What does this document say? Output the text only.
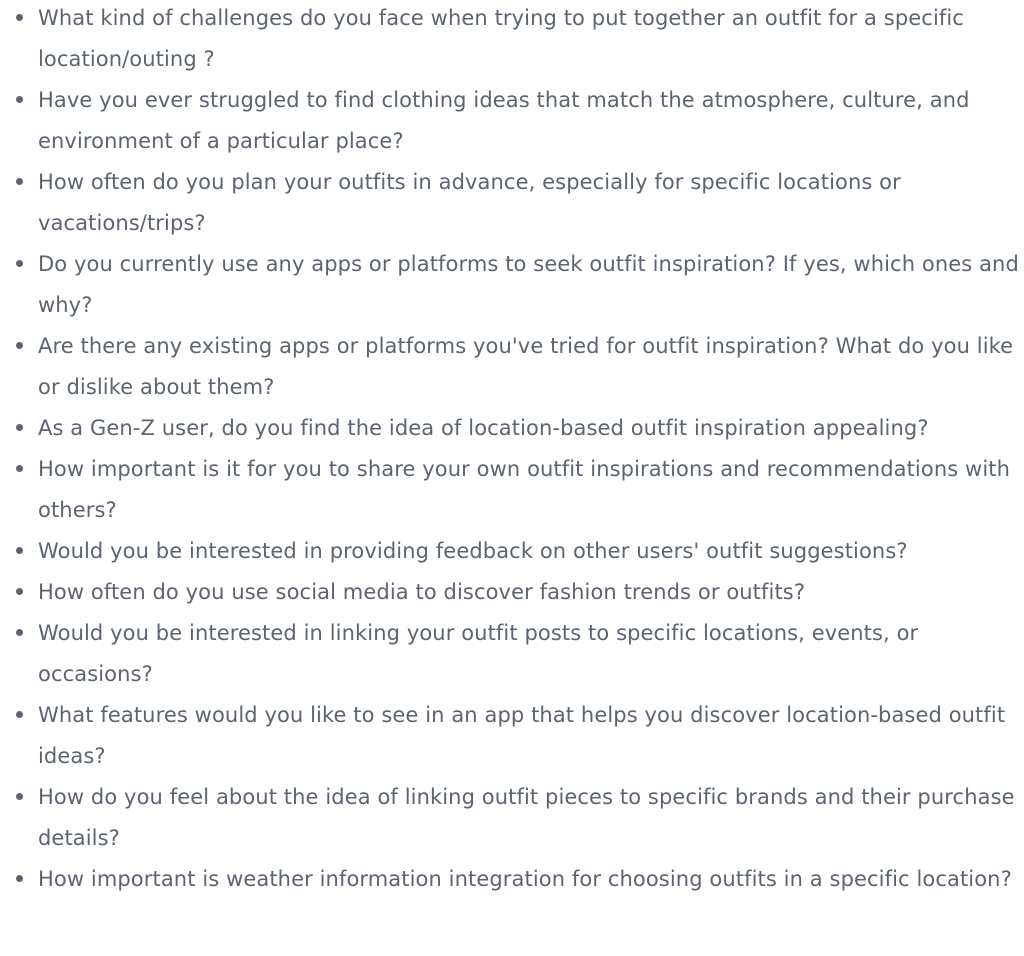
What kind of challenges do you face when trying to put together an outfit for a specific location/outing ?
Have you ever struggled to find clothing ideas that match the atmosphere, culture, and environment of a particular place?
How often do you plan your outfits in advance, especially for specific locations or vacations/trips?
Do you currently use any apps or platforms to seek outfit inspiration? If yes, which ones and why?
Are there any existing apps or platforms you've tried for outfit inspiration? What do you like or dislike about them?
As a Gen-Z user, do you find the idea of location-based outfit inspiration appealing?
How important is it for you to share your own outfit inspirations and recommendations with others?
Would you be interested in providing feedback on other users' outfit suggestions?
How often do you use social media to discover fashion trends or outfits?
Would you be interested in linking your outfit posts to specific locations, events, or occasions?
What features would you like to see in an app that helps you discover location-based outfit ideas?
How do you feel about the idea of linking outfit pieces to specific brands and their purchase details?
How important is weather information integration for choosing outfits in a specific location?
